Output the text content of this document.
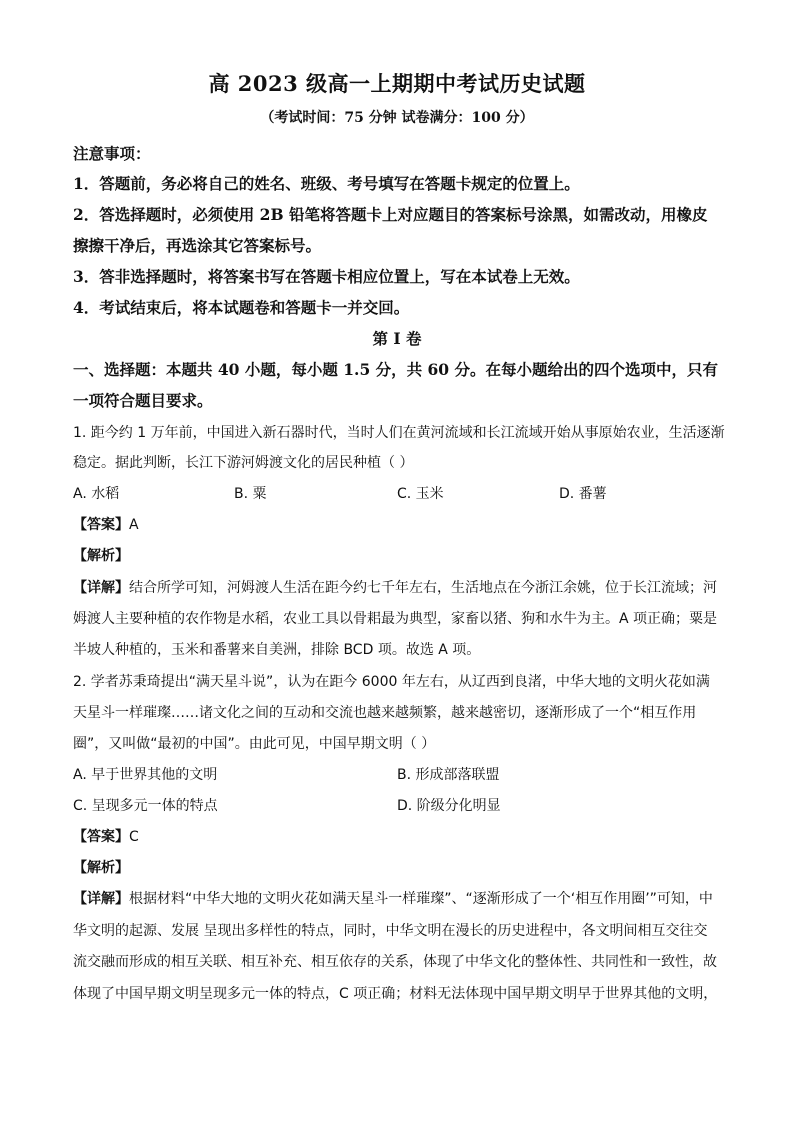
高 2023 级高一上期期中考试历史试题
（考试时间：75 分钟 试卷满分：100 分）
注意事项：
1．答题前，务必将自己的姓名、班级、考号填写在答题卡规定的位置上。
2．答选择题时，必须使用 2B 铅笔将答题卡上对应题目的答案标号涂黑，如需改动，用橡皮
擦擦干净后，再选涂其它答案标号。
3．答非选择题时，将答案书写在答题卡相应位置上，写在本试卷上无效。
4．考试结束后，将本试题卷和答题卡一并交回。
第 I 卷
一、选择题：本题共 40 小题，每小题 1.5 分，共 60 分。在每小题给出的四个选项中，只有
一项符合题目要求。
1. 距今约 1 万年前，中国进入新石器时代，当时人们在黄河流域和长江流域开始从事原始农业，生活逐渐
稳定。据此判断，长江下游河姆渡文化的居民种植（ ）
A. 水稻	B. 粟	C. 玉米	D. 番薯
【答案】A
【解析】
【详解】结合所学可知，河姆渡人生活在距今约七千年左右，生活地点在今浙江余姚，位于长江流域；河
姆渡人主要种植的农作物是水稻，农业工具以骨耜最为典型，家畜以猪、狗和水牛为主。A 项正确；粟是
半坡人种植的，玉米和番薯来自美洲，排除 BCD 项。故选 A 项。
2. 学者苏秉琦提出“满天星斗说”，认为在距今 6000 年左右，从辽西到良渚，中华大地的文明火花如满
天星斗一样璀璨……诸文化之间的互动和交流也越来越频繁，越来越密切，逐渐形成了一个“相互作用
圈”，又叫做“最初的中国”。由此可见，中国早期文明（ ）
A. 早于世界其他的文明	B. 形成部落联盟
C. 呈现多元一体的特点	D. 阶级分化明显
【答案】C
【解析】
【详解】根据材料“中华大地的文明火花如满天星斗一样璀璨”、“逐渐形成了一个‘相互作用圈’”可知，中
华文明的起源、发展 呈现出多样性的特点，同时，中华文明在漫长的历史进程中，各文明间相互交往交
流交融而形成的相互关联、相互补充、相互依存的关系，体现了中华文化的整体性、共同性和一致性，故
体现了中国早期文明呈现多元一体的特点，C 项正确；材料无法体现中国早期文明早于世界其他的文明，
